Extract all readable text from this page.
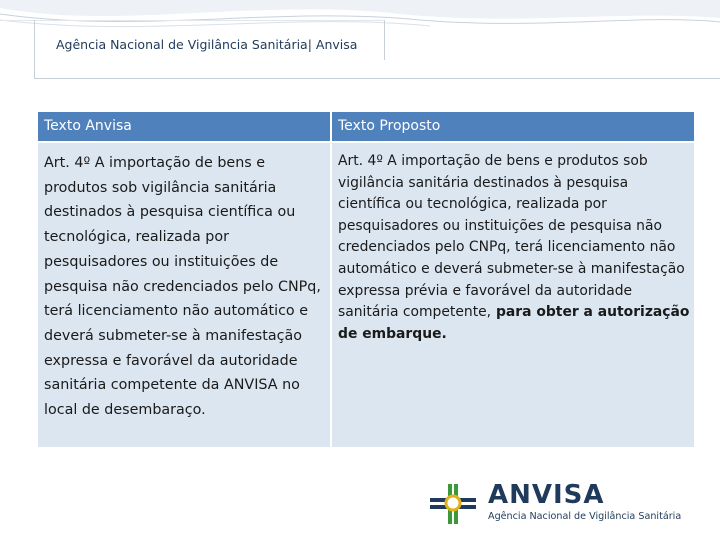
Agência Nacional de Vigilância Sanitária| Anvisa
Texto Anvisa	Texto Proposto
Art. 4º A importação de bens e produtos sob vigilância sanitária destinados à pesquisa científica ou tecnológica, realizada por pesquisadores ou instituições de pesquisa não credenciados pelo CNPq, terá licenciamento não automático e deverá submeter-se à manifestação expressa e favorável da autoridade sanitária competente da ANVISA no local de desembaraço.
Art. 4º A importação de bens e produtos sob vigilância sanitária destinados à pesquisa científica ou tecnológica, realizada por pesquisadores ou instituições de pesquisa não credenciados pelo CNPq, terá licenciamento não automático e deverá submeter-se à manifestação expressa prévia e favorável da autoridade sanitária competente, para obter a autorização de embarque.
ANVISA
Agência Nacional de Vigilância Sanitária
